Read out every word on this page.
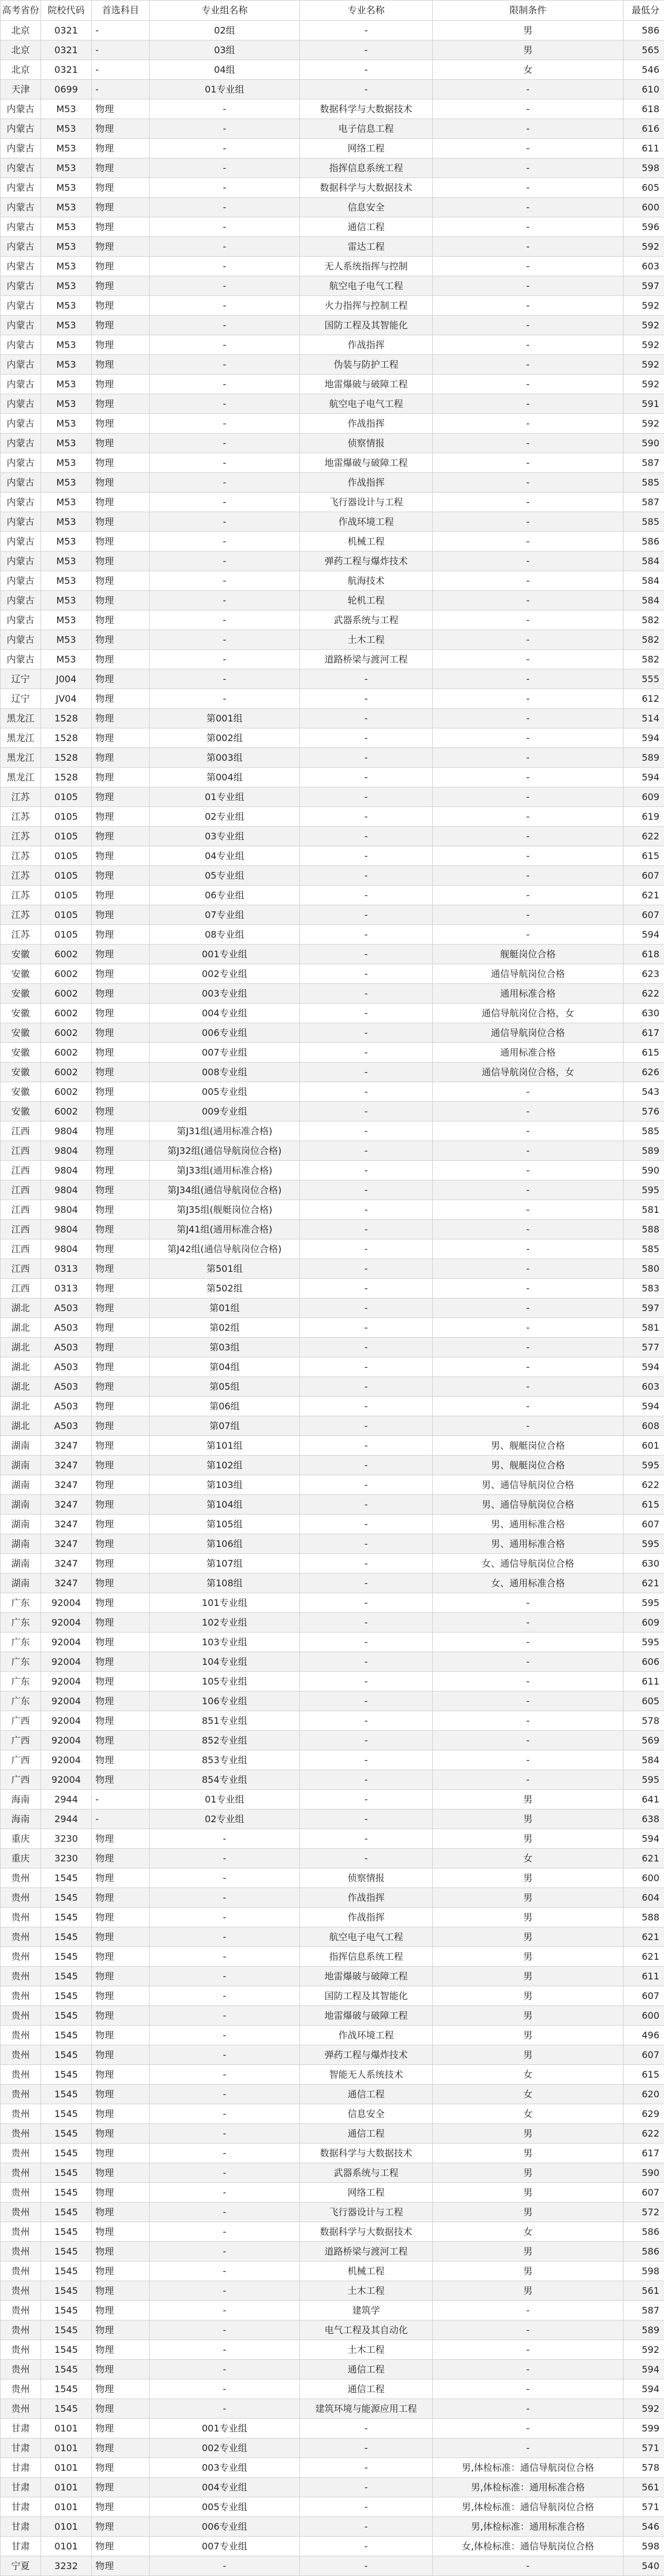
高考省份	院校代码	首选科目	专业组名称	专业名称	限制条件	最低分
北京	0321	-	02组	-	男	586
北京	0321	-	03组	-	男	565
北京	0321	-	04组	-	女	546
天津	0699	-	01专业组	-	-	610
内蒙古	M53	物理	-	数据科学与大数据技术	-	618
内蒙古	M53	物理	-	电子信息工程	-	616
内蒙古	M53	物理	-	网络工程	-	611
内蒙古	M53	物理	-	指挥信息系统工程	-	598
内蒙古	M53	物理	-	数据科学与大数据技术	-	605
内蒙古	M53	物理	-	信息安全	-	600
内蒙古	M53	物理	-	通信工程	-	596
内蒙古	M53	物理	-	雷达工程	-	592
内蒙古	M53	物理	-	无人系统指挥与控制	-	603
内蒙古	M53	物理	-	航空电子电气工程	-	597
内蒙古	M53	物理	-	火力指挥与控制工程	-	592
内蒙古	M53	物理	-	国防工程及其智能化	-	592
内蒙古	M53	物理	-	作战指挥	-	592
内蒙古	M53	物理	-	伪装与防护工程	-	592
内蒙古	M53	物理	-	地雷爆破与破障工程	-	592
内蒙古	M53	物理	-	航空电子电气工程	-	591
内蒙古	M53	物理	-	作战指挥	-	592
内蒙古	M53	物理	-	侦察情报	-	590
内蒙古	M53	物理	-	地雷爆破与破障工程	-	587
内蒙古	M53	物理	-	作战指挥	-	585
内蒙古	M53	物理	-	飞行器设计与工程	-	587
内蒙古	M53	物理	-	作战环境工程	-	585
内蒙古	M53	物理	-	机械工程	-	586
内蒙古	M53	物理	-	弹药工程与爆炸技术	-	584
内蒙古	M53	物理	-	航海技术	-	584
内蒙古	M53	物理	-	轮机工程	-	584
内蒙古	M53	物理	-	武器系统与工程	-	582
内蒙古	M53	物理	-	土木工程	-	582
内蒙古	M53	物理	-	道路桥梁与渡河工程	-	582
辽宁	J004	物理	-	-	-	555
辽宁	JV04	物理	-	-	-	612
黑龙江	1528	物理	第001组	-	-	514
黑龙江	1528	物理	第002组	-	-	594
黑龙江	1528	物理	第003组	-	-	589
黑龙江	1528	物理	第004组	-	-	594
江苏	0105	物理	01专业组	-	-	609
江苏	0105	物理	02专业组	-	-	619
江苏	0105	物理	03专业组	-	-	622
江苏	0105	物理	04专业组	-	-	615
江苏	0105	物理	05专业组	-	-	607
江苏	0105	物理	06专业组	-	-	621
江苏	0105	物理	07专业组	-	-	607
江苏	0105	物理	08专业组	-	-	594
安徽	6002	物理	001专业组	-	舰艇岗位合格	618
安徽	6002	物理	002专业组	-	通信导航岗位合格	623
安徽	6002	物理	003专业组	-	通用标准合格	622
安徽	6002	物理	004专业组	-	通信导航岗位合格，女	630
安徽	6002	物理	006专业组	-	通信导航岗位合格	617
安徽	6002	物理	007专业组	-	通用标准合格	615
安徽	6002	物理	008专业组	-	通信导航岗位合格，女	626
安徽	6002	物理	005专业组	-	-	543
安徽	6002	物理	009专业组	-	-	576
江西	9804	物理	第J31组(通用标准合格)	-	-	585
江西	9804	物理	第J32组(通信导航岗位合格)	-	-	589
江西	9804	物理	第J33组(通用标准合格)	-	-	590
江西	9804	物理	第J34组(通信导航岗位合格)	-	-	595
江西	9804	物理	第J35组(舰艇岗位合格)	-	-	581
江西	9804	物理	第J41组(通用标准合格)	-	-	588
江西	9804	物理	第J42组(通信导航岗位合格)	-	-	585
江西	0313	物理	第501组	-	-	580
江西	0313	物理	第502组	-	-	583
湖北	A503	物理	第01组	-	-	597
湖北	A503	物理	第02组	-	-	581
湖北	A503	物理	第03组	-	-	577
湖北	A503	物理	第04组	-	-	594
湖北	A503	物理	第05组	-	-	603
湖北	A503	物理	第06组	-	-	594
湖北	A503	物理	第07组	-	-	608
湖南	3247	物理	第101组	-	男、舰艇岗位合格	601
湖南	3247	物理	第102组	-	男、舰艇岗位合格	595
湖南	3247	物理	第103组	-	男、通信导航岗位合格	622
湖南	3247	物理	第104组	-	男、通信导航岗位合格	615
湖南	3247	物理	第105组	-	男、通用标准合格	607
湖南	3247	物理	第106组	-	男、通用标准合格	595
湖南	3247	物理	第107组	-	女、通信导航岗位合格	630
湖南	3247	物理	第108组	-	女、通用标准合格	621
广东	92004	物理	101专业组	-	-	595
广东	92004	物理	102专业组	-	-	609
广东	92004	物理	103专业组	-	-	595
广东	92004	物理	104专业组	-	-	606
广东	92004	物理	105专业组	-	-	611
广东	92004	物理	106专业组	-	-	605
广西	92004	物理	851专业组	-	-	578
广西	92004	物理	852专业组	-	-	569
广西	92004	物理	853专业组	-	-	584
广西	92004	物理	854专业组	-	-	595
海南	2944	-	01专业组	-	男	641
海南	2944	-	02专业组	-	男	638
重庆	3230	物理	-	-	男	594
重庆	3230	物理	-	-	女	621
贵州	1545	物理	-	侦察情报	男	600
贵州	1545	物理	-	作战指挥	男	604
贵州	1545	物理	-	作战指挥	男	588
贵州	1545	物理	-	航空电子电气工程	男	621
贵州	1545	物理	-	指挥信息系统工程	男	621
贵州	1545	物理	-	地雷爆破与破障工程	男	611
贵州	1545	物理	-	国防工程及其智能化	男	607
贵州	1545	物理	-	地雷爆破与破障工程	男	600
贵州	1545	物理	-	作战环境工程	男	496
贵州	1545	物理	-	弹药工程与爆炸技术	男	607
贵州	1545	物理	-	智能无人系统技术	女	615
贵州	1545	物理	-	通信工程	女	620
贵州	1545	物理	-	信息安全	女	629
贵州	1545	物理	-	通信工程	男	622
贵州	1545	物理	-	数据科学与大数据技术	男	617
贵州	1545	物理	-	武器系统与工程	男	590
贵州	1545	物理	-	网络工程	男	607
贵州	1545	物理	-	飞行器设计与工程	男	572
贵州	1545	物理	-	数据科学与大数据技术	女	586
贵州	1545	物理	-	道路桥梁与渡河工程	男	586
贵州	1545	物理	-	机械工程	男	598
贵州	1545	物理	-	土木工程	男	561
贵州	1545	物理	-	建筑学	-	587
贵州	1545	物理	-	电气工程及其自动化	-	589
贵州	1545	物理	-	土木工程	-	592
贵州	1545	物理	-	通信工程	-	594
贵州	1545	物理	-	通信工程	-	594
贵州	1545	物理	-	建筑环境与能源应用工程	-	592
甘肃	0101	物理	001专业组	-	-	599
甘肃	0101	物理	002专业组	-	-	571
甘肃	0101	物理	003专业组	-	男,体检标准：通信导航岗位合格	578
甘肃	0101	物理	004专业组	-	男,体检标准：通用标准合格	561
甘肃	0101	物理	005专业组	-	男,体检标准：通信导航岗位合格	571
甘肃	0101	物理	006专业组	-	男,体检标准：通用标准合格	546
甘肃	0101	物理	007专业组	-	女,体检标准：通信导航岗位合格	598
宁夏	3232	物理	-	-	-	540
